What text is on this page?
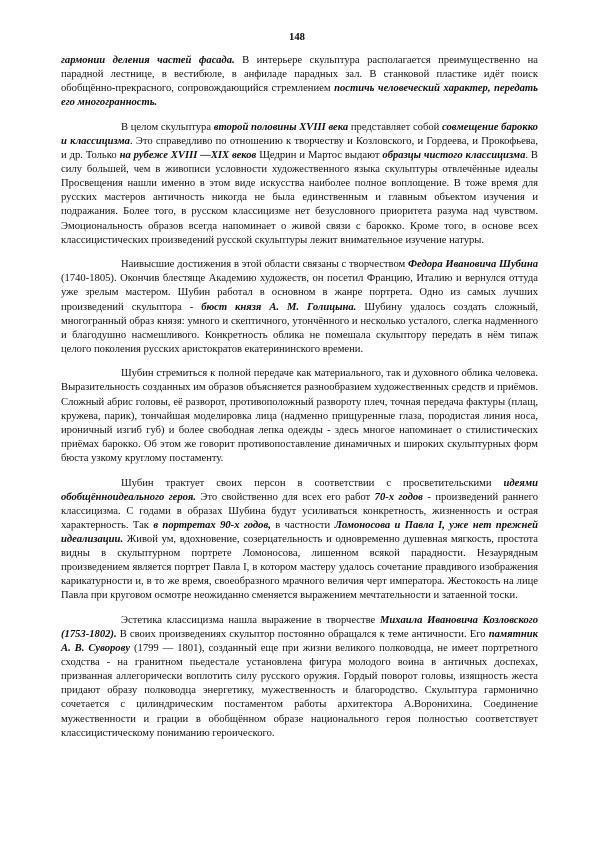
148

гармонии деления частей фасада. В интерьере скульптура располагается преимущественно на парадной лестнице, в вестибюле, в анфиладе парадных зал. В станковой пластике идёт поиск обобщённо-прекрасного, сопровождающийся стремлением постичь человеческий характер, передать его многогранность.

В целом скульптура второй половины XVIII века представляет собой совмещение барокко и классицизма. Это справедливо по отношению к творчеству и Козловского, и Гордеева, и Прокофьева, и др. Только на рубеже XVIII —XIX веков Щедрин и Мартос выдают образцы чистого классицизма. В силу большей, чем в живописи условности художественного языка скульптуры отвлечённые идеалы Просвещения нашли именно в этом виде искусства наиболее полное воплощение. В тоже время для русских мастеров античность никогда не была единственным и главным объектом изучения и подражания. Более того, в русском классицизме нет безусловного приоритета разума над чувством. Эмоциональность образов всегда напоминает о живой связи с барокко. Кроме того, в основе всех классицистических произведений русской скульптуры лежит внимательное изучение натуры.

Наивысшие достижения в этой области связаны с творчеством Федора Ивановича Шубина (1740-1805). Окончив блестяще Академию художеств, он посетил Францию, Италию и вернулся оттуда уже зрелым мастером. Шубин работал в основном в жанре портрета. Одно из самых лучших произведений скульптора - бюст князя А. М. Голицына. Шубину удалось создать сложный, многогранный образ князя: умного и скептичного, утончённого и несколько усталого, слегка надменного и благодушно насмешливого. Конкретность облика не помешала скульптору передать в нём типаж целого поколения русских аристократов екатерининского времени.

Шубин стремиться к полной передаче как материального, так и духовного облика человека. Выразительность созданных им образов объясняется разнообразием художественных средств и приёмов. Сложный абрис головы, её разворот, противоположный развороту плеч, точная передача фактуры (плащ, кружева, парик), тончайшая моделировка лица (надменно прищуренные глаза, породистая линия носа, ироничный изгиб губ) и более свободная лепка одежды - здесь многое напоминает о стилистических приёмах барокко. Об этом же говорит противопоставление динамичных и широких скульптурных форм бюста узкому круглому постаменту.

Шубин трактует своих персон в соответствии с просветительскими идеями обобщённоидеального героя. Это свойственно для всех его работ 70-х годов - произведений раннего классицизма. С годами в образах Шубина будут усиливаться конкретность, жизненность и острая характерность. Так в портретах 90-х годов, в частности Ломоносова и Павла I, уже нет прежней идеализации. Живой ум, вдохновение, созерцательность и одновременно душевная мягкость, простота видны в скульптурном портрете Ломоносова, лишенном всякой парадности. Незаурядным произведением является портрет Павла I, в котором мастеру удалось сочетание правдивого изображения карикатурности и, в то же время, своеобразного мрачного величия черт императора. Жестокость на лице Павла при круговом осмотре неожиданно сменяется выражением мечтательности и затаенной тоски.

Эстетика классицизма нашла выражение в творчестве Михаила Ивановича Козловского (1753-1802). В своих произведениях скульптор постоянно обращался к теме античности. Его памятник А. В. Суворову (1799 — 1801), созданный еще при жизни великого полководца, не имеет портретного сходства - на гранитном пьедестале установлена фигура молодого воина в античных доспехах, призванная аллегорически воплотить силу русского оружия. Гордый поворот головы, изящность жеста придают образу полководца энергетику, мужественность и благородство. Скульптура гармонично сочетается с цилиндрическим постаментом работы архитектора А.Воронихина. Соединение мужественности и грации в обобщённом образе национального героя полностью соответствует классицистическому пониманию героического.
